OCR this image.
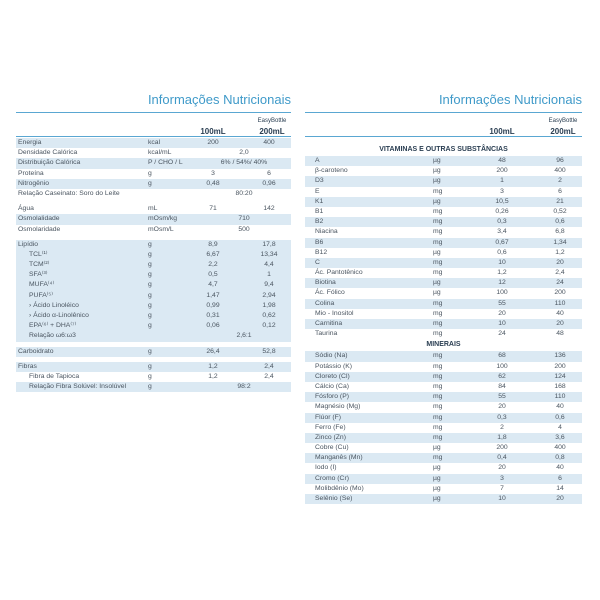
Informações Nutricionais
100mL
EasyBottle
200mL
Energia	kcal	200	400
Densidade Calórica	kcal/mL	2,0
Distribuição Calórica	P / CHO / L	6% / 54%/ 40%
Proteína	g	3	6
Nitrogênio	g	0,48	0,96
Relação Caseinato: Soro do Leite	80:20
Água	mL	71	142
Osmolalidade	mOsm/kg	710
Osmolaridade	mOsm/L	500
Lipídio	g	8,9	17,8
TCL⁽¹⁾	g	6,67	13,34
TCM⁽²⁾	g	2,2	4,4
SFA⁽³⁾	g	0,5	1
MUFA⁽⁴⁾	g	4,7	9,4
PUFA⁽⁵⁾	g	1,47	2,94
› Ácido Linoléico	g	0,99	1,98
› Ácido α-Linolênico	g	0,31	0,62
EPA⁽⁶⁾ + DHA⁽⁷⁾	g	0,06	0,12
Relação ω6:ω3	2,6:1
Carboidrato	g	26,4	52,8
Fibras	g	1,2	2,4
Fibra de Tapioca	g	1,2	2,4
Relação Fibra Solúvel: Insolúvel	g	98:2
Informações Nutricionais
100mL
EasyBottle
200mL
VITAMINAS E OUTRAS SUBSTÂNCIAS
A	µg	48	96
β-caroteno	µg	200	400
D3	µg	1	2
E	mg	3	6
K1	µg	10,5	21
B1	mg	0,26	0,52
B2	mg	0,3	0,6
Niacina	mg	3,4	6,8
B6	mg	0,67	1,34
B12	µg	0,6	1,2
C	mg	10	20
Ác. Pantotênico	mg	1,2	2,4
Biotina	µg	12	24
Ác. Fólico	µg	100	200
Colina	mg	55	110
Mio - Inositol	mg	20	40
Carnitina	mg	10	20
Taurina	mg	24	48
MINERAIS
Sódio (Na)	mg	68	136
Potássio (K)	mg	100	200
Cloreto (Cl)	mg	62	124
Cálcio (Ca)	mg	84	168
Fósforo (P)	mg	55	110
Magnésio (Mg)	mg	20	40
Flúor (F)	mg	0,3	0,6
Ferro (Fe)	mg	2	4
Zinco (Zn)	mg	1,8	3,6
Cobre (Cu)	µg	200	400
Manganês (Mn)	mg	0,4	0,8
Iodo (I)	µg	20	40
Cromo (Cr)	µg	3	6
Molibdênio (Mo)	µg	7	14
Selênio (Se)	µg	10	20
